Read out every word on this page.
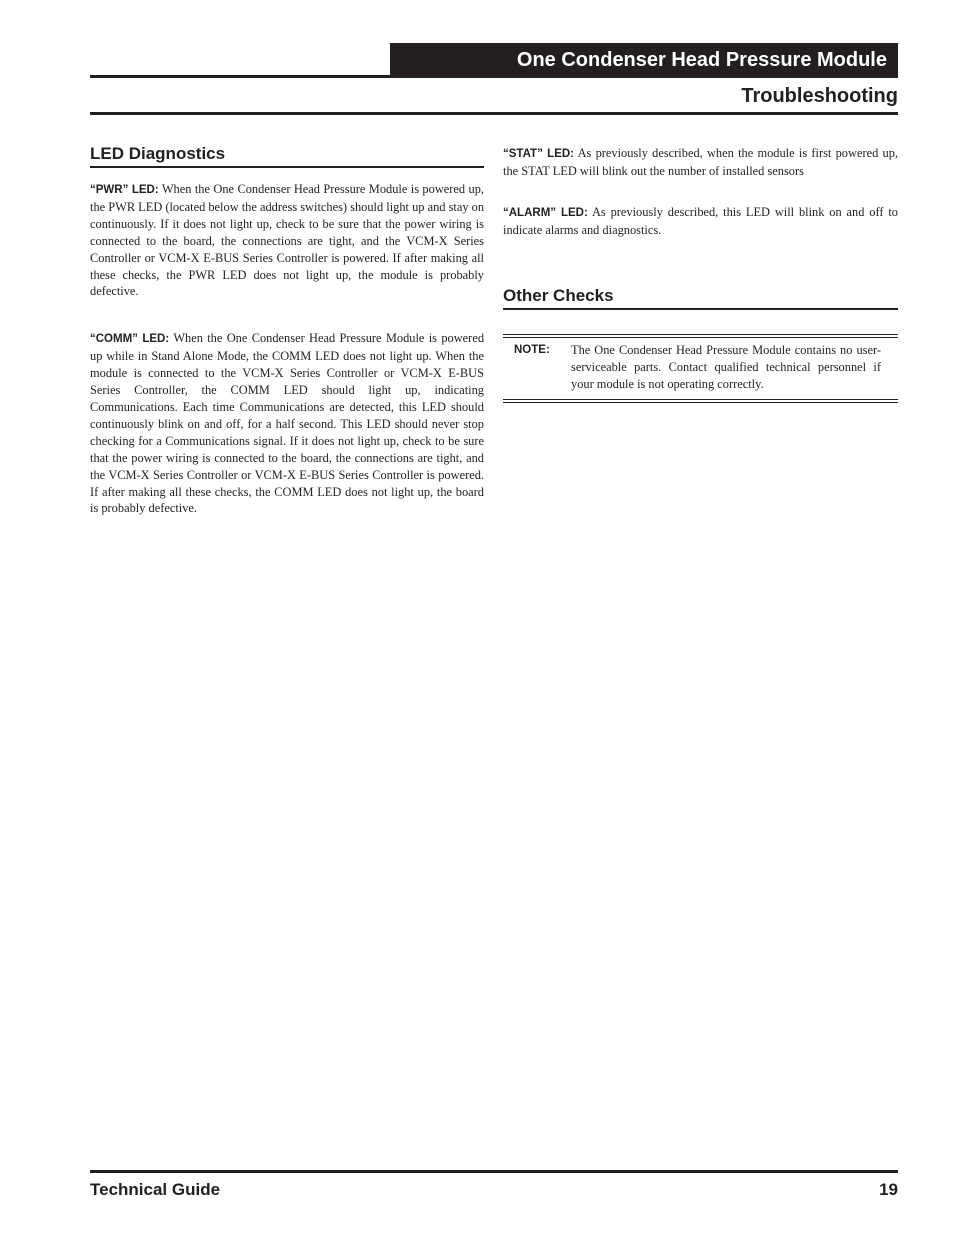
One Condenser Head Pressure Module
Troubleshooting
LED Diagnostics

“PWR” LED: When the One Condenser Head Pressure Module is powered up, the PWR LED (located below the address switches) should light up and stay on continuously. If it does not light up, check to be sure that the power wiring is connected to the board, the connections are tight, and the VCM-X Series Controller or VCM-X E-BUS Series Controller is powered. If after making all these checks, the PWR LED does not light up, the module is probably defective.

“COMM” LED: When the One Condenser Head Pressure Module is powered up while in Stand Alone Mode, the COMM LED does not light up. When the module is connected to the VCM-X Series Controller or VCM-X E-BUS Series Controller, the COMM LED should light up, indicating Communications. Each time Communications are detected, this LED should continuously blink on and off, for a half second. This LED should never stop checking for a Communications signal. If it does not light up, check to be sure that the power wiring is connected to the board, the connections are tight, and the VCM-X Series Controller or VCM-X E-BUS Series Controller is powered. If after making all these checks, the COMM LED does not light up, the board is probably defective.

“STAT” LED: As previously described, when the module is first powered up, the STAT LED will blink out the number of installed sensors

“ALARM” LED: As previously described, this LED will blink on and off to indicate alarms and diagnostics.

Other Checks
NOTE:	The One Condenser Head Pressure Module contains no user-serviceable parts. Contact qualified technical personnel if your module is not operating correctly.
Technical Guide	19
